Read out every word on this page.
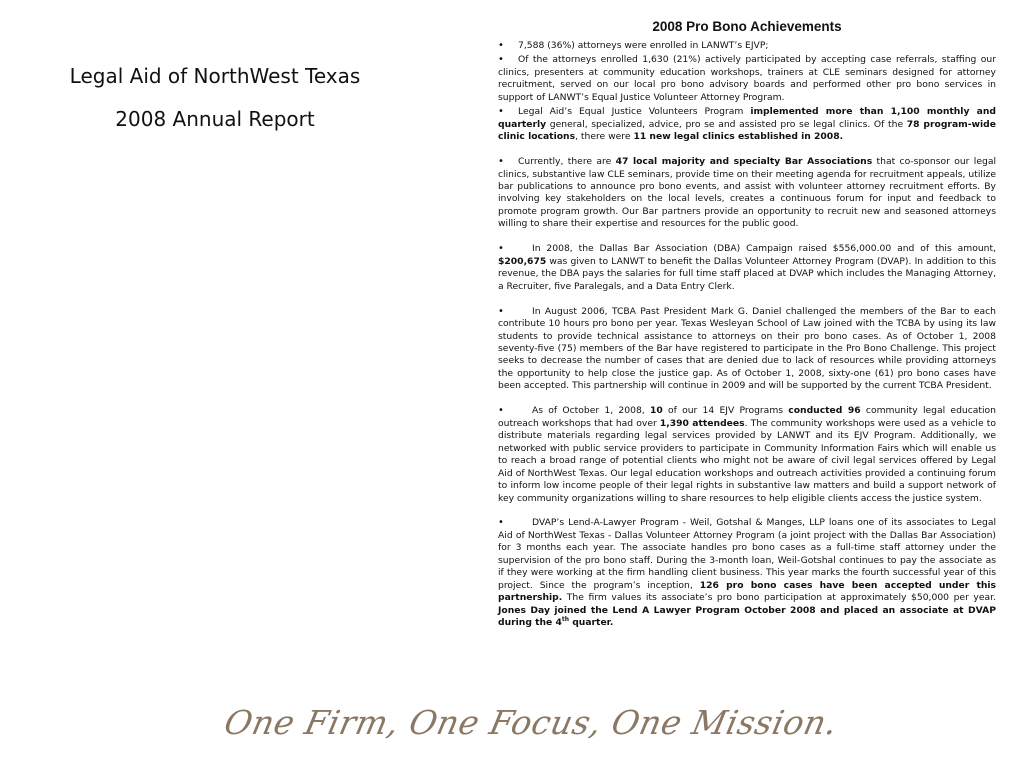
Legal Aid of NorthWest Texas
2008 Annual Report
2008 Pro Bono Achievements

•7,588 (36%) attorneys were enrolled in LANWT’s EJVP;

•Of the attorneys enrolled 1,630 (21%) actively participated by accepting case referrals, staffing our clinics, presenters at community education workshops, trainers at CLE seminars designed for attorney recruitment, served on our local pro bono advisory boards and performed other pro bono services in support of LANWT’s Equal Justice Volunteer Attorney Program.

•Legal Aid’s Equal Justice Volunteers Program implemented more than 1,100 monthly and quarterly general, specialized, advice, pro se and assisted pro se legal clinics. Of the 78 program-wide clinic locations, there were 11 new legal clinics established in 2008.

•Currently, there are 47 local majority and specialty Bar Associations that co-sponsor our legal clinics, substantive law CLE seminars, provide time on their meeting agenda for recruitment appeals, utilize bar publications to announce pro bono events, and assist with volunteer attorney recruitment efforts. By involving key stakeholders on the local levels, creates a continuous forum for input and feedback to promote program growth. Our Bar partners provide an opportunity to recruit new and seasoned attorneys willing to share their expertise and resources for the public good.

•In 2008, the Dallas Bar Association (DBA) Campaign raised $556,000.00 and of this amount, $200,675 was given to LANWT to benefit the Dallas Volunteer Attorney Program (DVAP). In addition to this revenue, the DBA pays the salaries for full time staff placed at DVAP which includes the Managing Attorney, a Recruiter, five Paralegals, and a Data Entry Clerk.

•In August 2006, TCBA Past President Mark G. Daniel challenged the members of the Bar to each contribute 10 hours pro bono per year. Texas Wesleyan School of Law joined with the TCBA by using its law students to provide technical assistance to attorneys on their pro bono cases. As of October 1, 2008 seventy-five (75) members of the Bar have registered to participate in the Pro Bono Challenge. This project seeks to decrease the number of cases that are denied due to lack of resources while providing attorneys the opportunity to help close the justice gap. As of October 1, 2008, sixty-one (61) pro bono cases have been accepted. This partnership will continue in 2009 and will be supported by the current TCBA President.

•As of October 1, 2008, 10 of our 14 EJV Programs conducted 96 community legal education outreach workshops that had over 1,390 attendees. The community workshops were used as a vehicle to distribute materials regarding legal services provided by LANWT and its EJV Program. Additionally, we networked with public service providers to participate in Community Information Fairs which will enable us to reach a broad range of potential clients who might not be aware of civil legal services offered by Legal Aid of NorthWest Texas. Our legal education workshops and outreach activities provided a continuing forum to inform low income people of their legal rights in substantive law matters and build a support network of key community organizations willing to share resources to help eligible clients access the justice system.

•DVAP’s Lend-A-Lawyer Program - Weil, Gotshal & Manges, LLP loans one of its associates to Legal Aid of NorthWest Texas - Dallas Volunteer Attorney Program (a joint project with the Dallas Bar Association) for 3 months each year. The associate handles pro bono cases as a full-time staff attorney under the supervision of the pro bono staff. During the 3-month loan, Weil-Gotshal continues to pay the associate as if they were working at the firm handling client business. This year marks the fourth successful year of this project. Since the program’s inception, 126 pro bono cases have been accepted under this partnership. The firm values its associate’s pro bono participation at approximately $50,000 per year. Jones Day joined the Lend A Lawyer Program October 2008 and placed an associate at DVAP during the 4th quarter.

One Firm, One Focus, One Mission.
